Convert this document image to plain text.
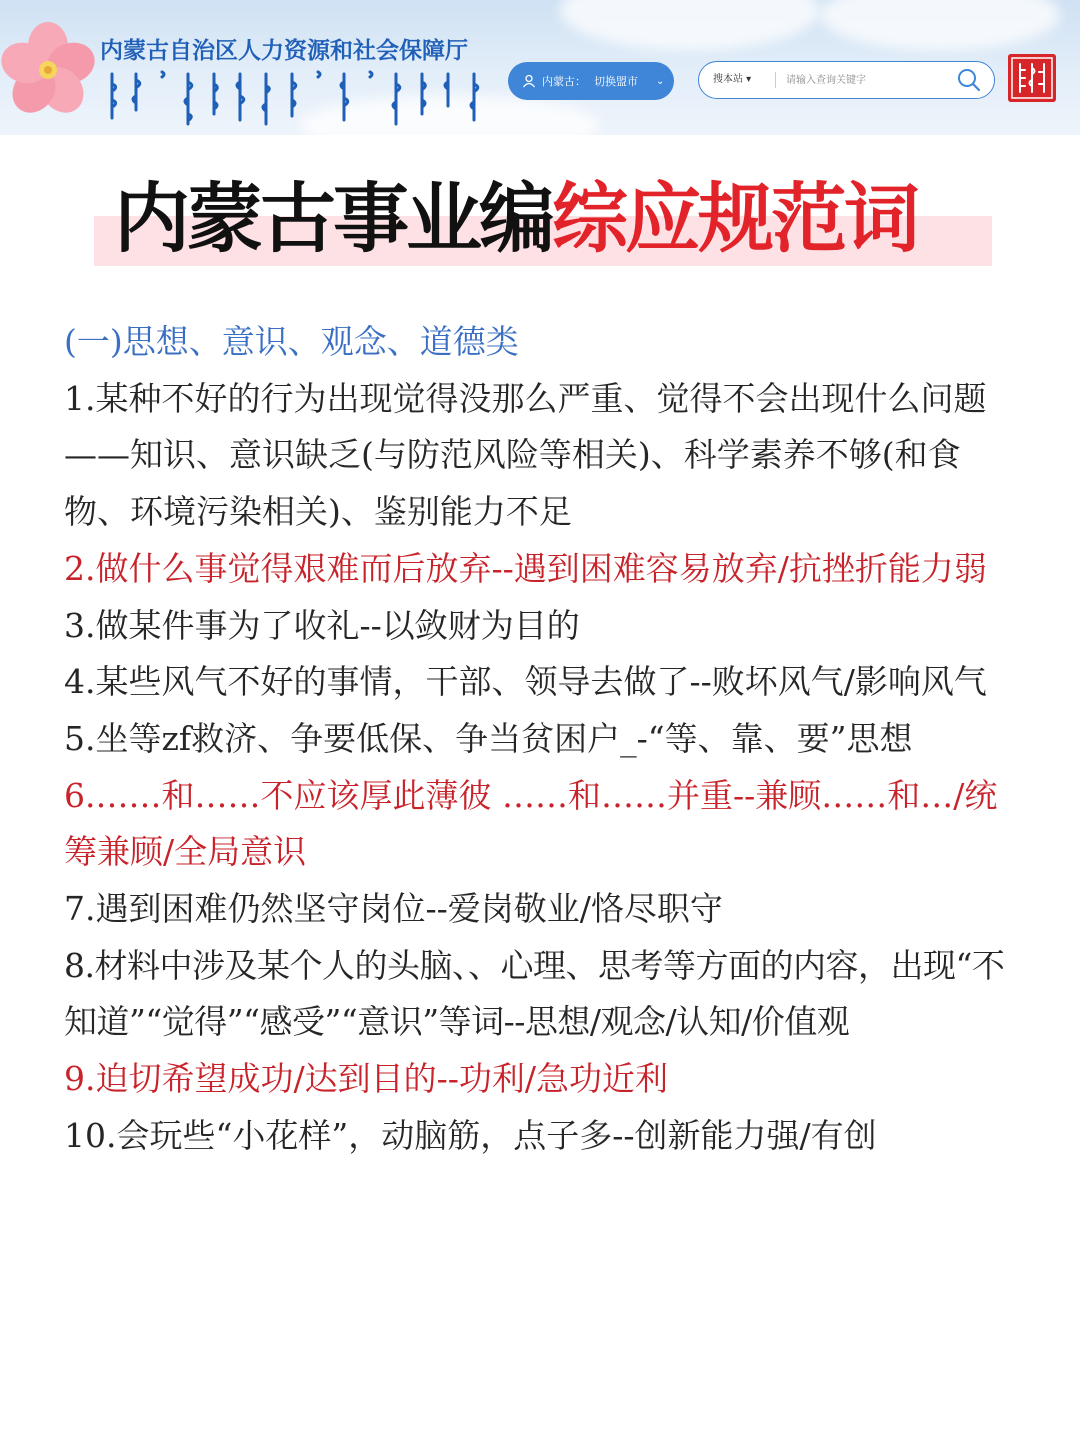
内蒙古自治区人力资源和社会保障厅
内蒙古： 切换盟市 ⌄	搜本站 ▾
请输入查询关键字
内蒙古事业编综应规范词

(一)思想、意识、观念、道德类

1.某种不好的行为出现觉得没那么严重、觉得不会出现什么问题——知识、意识缺乏(与防范风险等相关)、科学素养不够(和食物、环境污染相关)、鉴别能力不足

2.做什么事觉得艰难而后放弃--遇到困难容易放弃/抗挫折能力弱

3.做某件事为了收礼--以敛财为目的

4.某些风气不好的事情，干部、领导去做了--败坏风气/影响风气

5.坐等zf救济、争要低保、争当贫困户_-“等、靠、要”思想

6.……和……不应该厚此薄彼 ……和……并重--兼顾……和…/统筹兼顾/全局意识

7.遇到困难仍然坚守岗位--爱岗敬业/恪尽职守

8.材料中涉及某个人的头脑、、心理、思考等方面的内容，出现“不知道”“觉得”“感受”“意识”等词--思想/观念/认知/价值观

9.迫切希望成功/达到目的--功利/急功近利

10.会玩些“小花样”，动脑筋，点子多--创新能力强/有创
